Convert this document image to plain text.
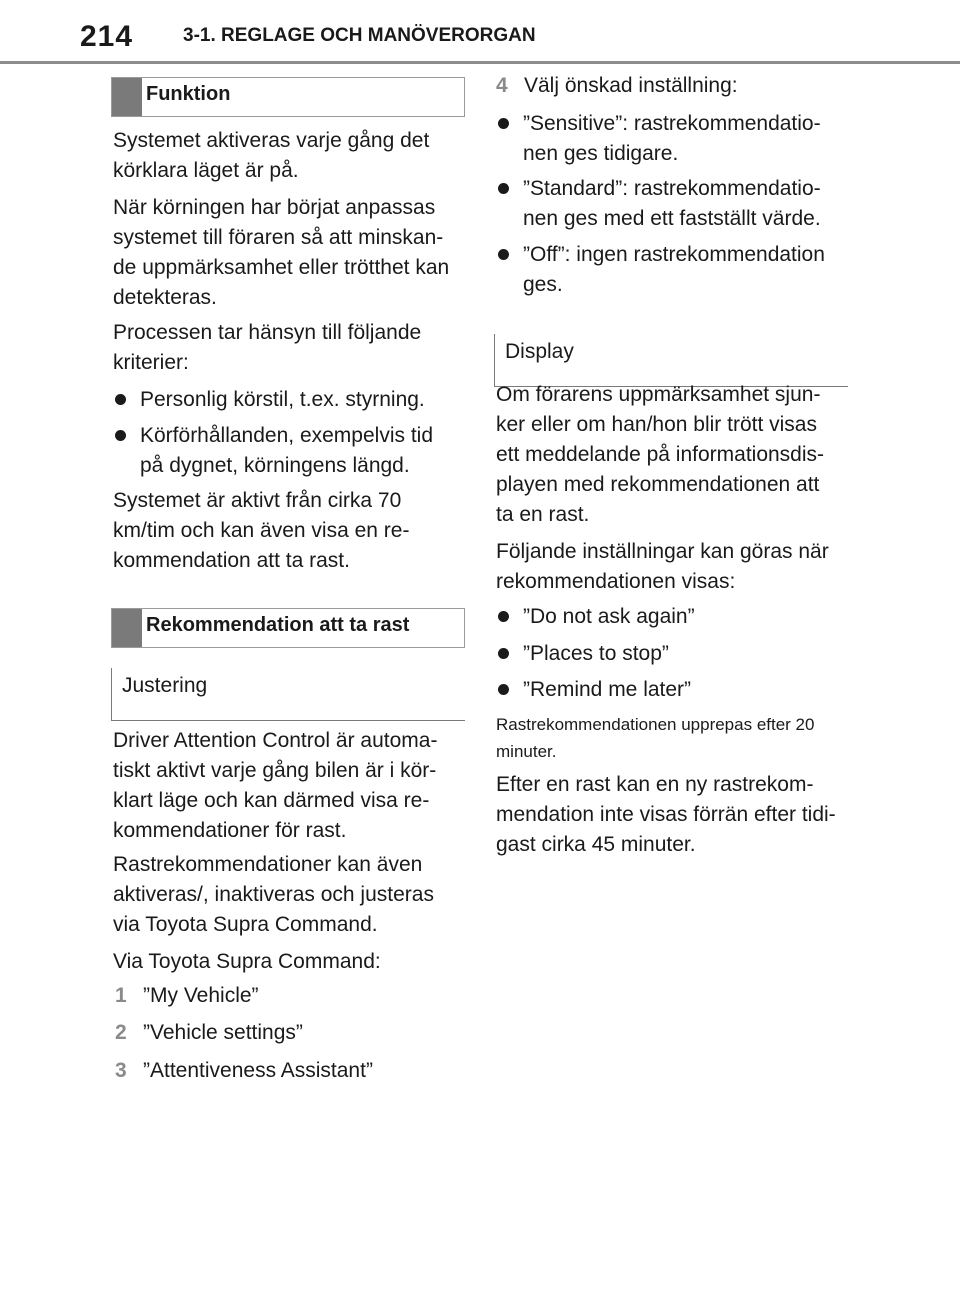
214	3-1. REGLAGE OCH MANÖVERORGAN
Funktion
Systemet aktiveras varje gång det körklara läget är på.
När körningen har börjat anpassas systemet till föraren så att minskan-de uppmärksamhet eller trötthet kan detekteras.
Processen tar hänsyn till följande kriterier:
Personlig körstil, t.ex. styrning.
Körförhållanden, exempelvis tid på dygnet, körningens längd.
Systemet är aktivt från cirka 70 km/tim och kan även visa en re-kommendation att ta rast.
Rekommendation att ta rast
Justering
Driver Attention Control är automa-tiskt aktivt varje gång bilen är i kör-klart läge och kan därmed visa re-kommendationer för rast.
Rastrekommendationer kan även aktiveras/, inaktiveras och justeras via Toyota Supra Command.
Via Toyota Supra Command:
1 ”My Vehicle”
2 ”Vehicle settings”
3 ”Attentiveness Assistant”
4 Välj önskad inställning:
”Sensitive”: rastrekommendatio-nen ges tidigare.
”Standard”: rastrekommendatio-nen ges med ett fastställt värde.
”Off”: ingen rastrekommendation ges.
Display
Om förarens uppmärksamhet sjun-ker eller om han/hon blir trött visas ett meddelande på informationsdis-playen med rekommendationen att ta en rast.
Följande inställningar kan göras när rekommendationen visas:
”Do not ask again”
”Places to stop”
”Remind me later”
Rastrekommendationen upprepas efter 20 minuter.
Efter en rast kan en ny rastrekom-mendation inte visas förrän efter tidi-gast cirka 45 minuter.
